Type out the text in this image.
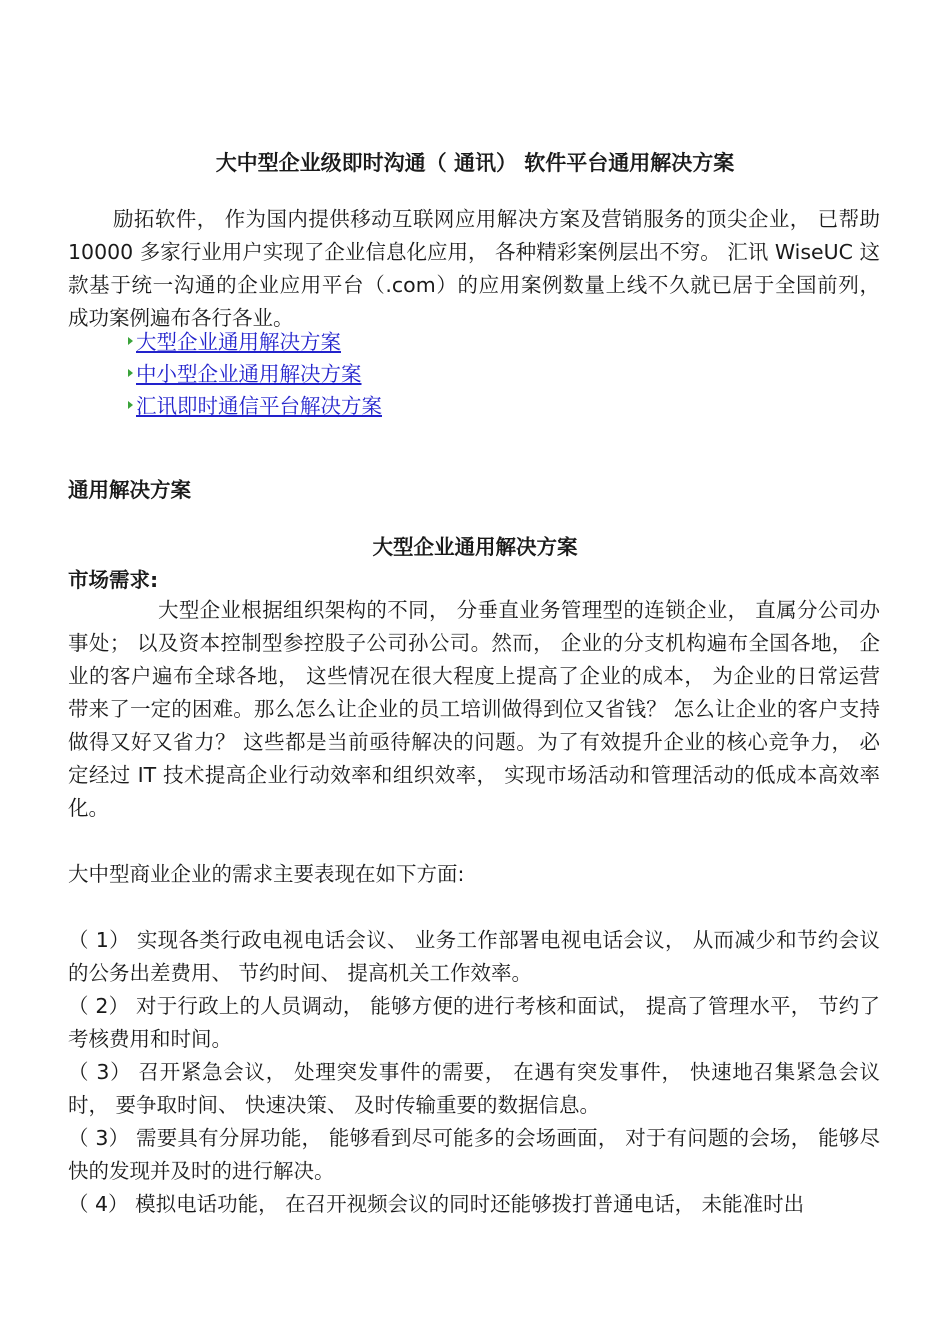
大中型企业级即时沟通（ 通讯） 软件平台通用解决方案

励拓软件， 作为国内提供移动互联网应用解决方案及营销服务的顶尖企业， 已帮助 10000 多家行业用户实现了企业信息化应用， 各种精彩案例层出不穷。 汇讯 WiseUC 这款基于统一沟通的企业应用平台（.com）的应用案例数量上线不久就已居于全国前列， 成功案例遍布各行各业。

大型企业通用解决方案
中小型企业通用解决方案
汇讯即时通信平台解决方案
通用解决方案
大型企业通用解决方案
市场需求:

大型企业根据组织架构的不同， 分垂直业务管理型的连锁企业， 直属分公司办事处； 以及资本控制型参控股子公司孙公司。然而， 企业的分支机构遍布全国各地， 企业的客户遍布全球各地， 这些情况在很大程度上提高了企业的成本， 为企业的日常运营带来了一定的困难。那么怎么让企业的员工培训做得到位又省钱？ 怎么让企业的客户支持做得又好又省力？ 这些都是当前亟待解决的问题。为了有效提升企业的核心竞争力， 必定经过 IT 技术提高企业行动效率和组织效率， 实现市场活动和管理活动的低成本高效率化。

大中型商业企业的需求主要表现在如下方面:

（ 1） 实现各类行政电视电话会议、 业务工作部署电视电话会议， 从而减少和节约会议的公务出差费用、 节约时间、 提高机关工作效率。

（ 2） 对于行政上的人员调动， 能够方便的进行考核和面试， 提高了管理水平， 节约了考核费用和时间。

（ 3） 召开紧急会议， 处理突发事件的需要， 在遇有突发事件， 快速地召集紧急会议时， 要争取时间、 快速决策、 及时传输重要的数据信息。

（ 3） 需要具有分屏功能， 能够看到尽可能多的会场画面， 对于有问题的会场， 能够尽快的发现并及时的进行解决。

（ 4） 模拟电话功能， 在召开视频会议的同时还能够拨打普通电话， 未能准时出
